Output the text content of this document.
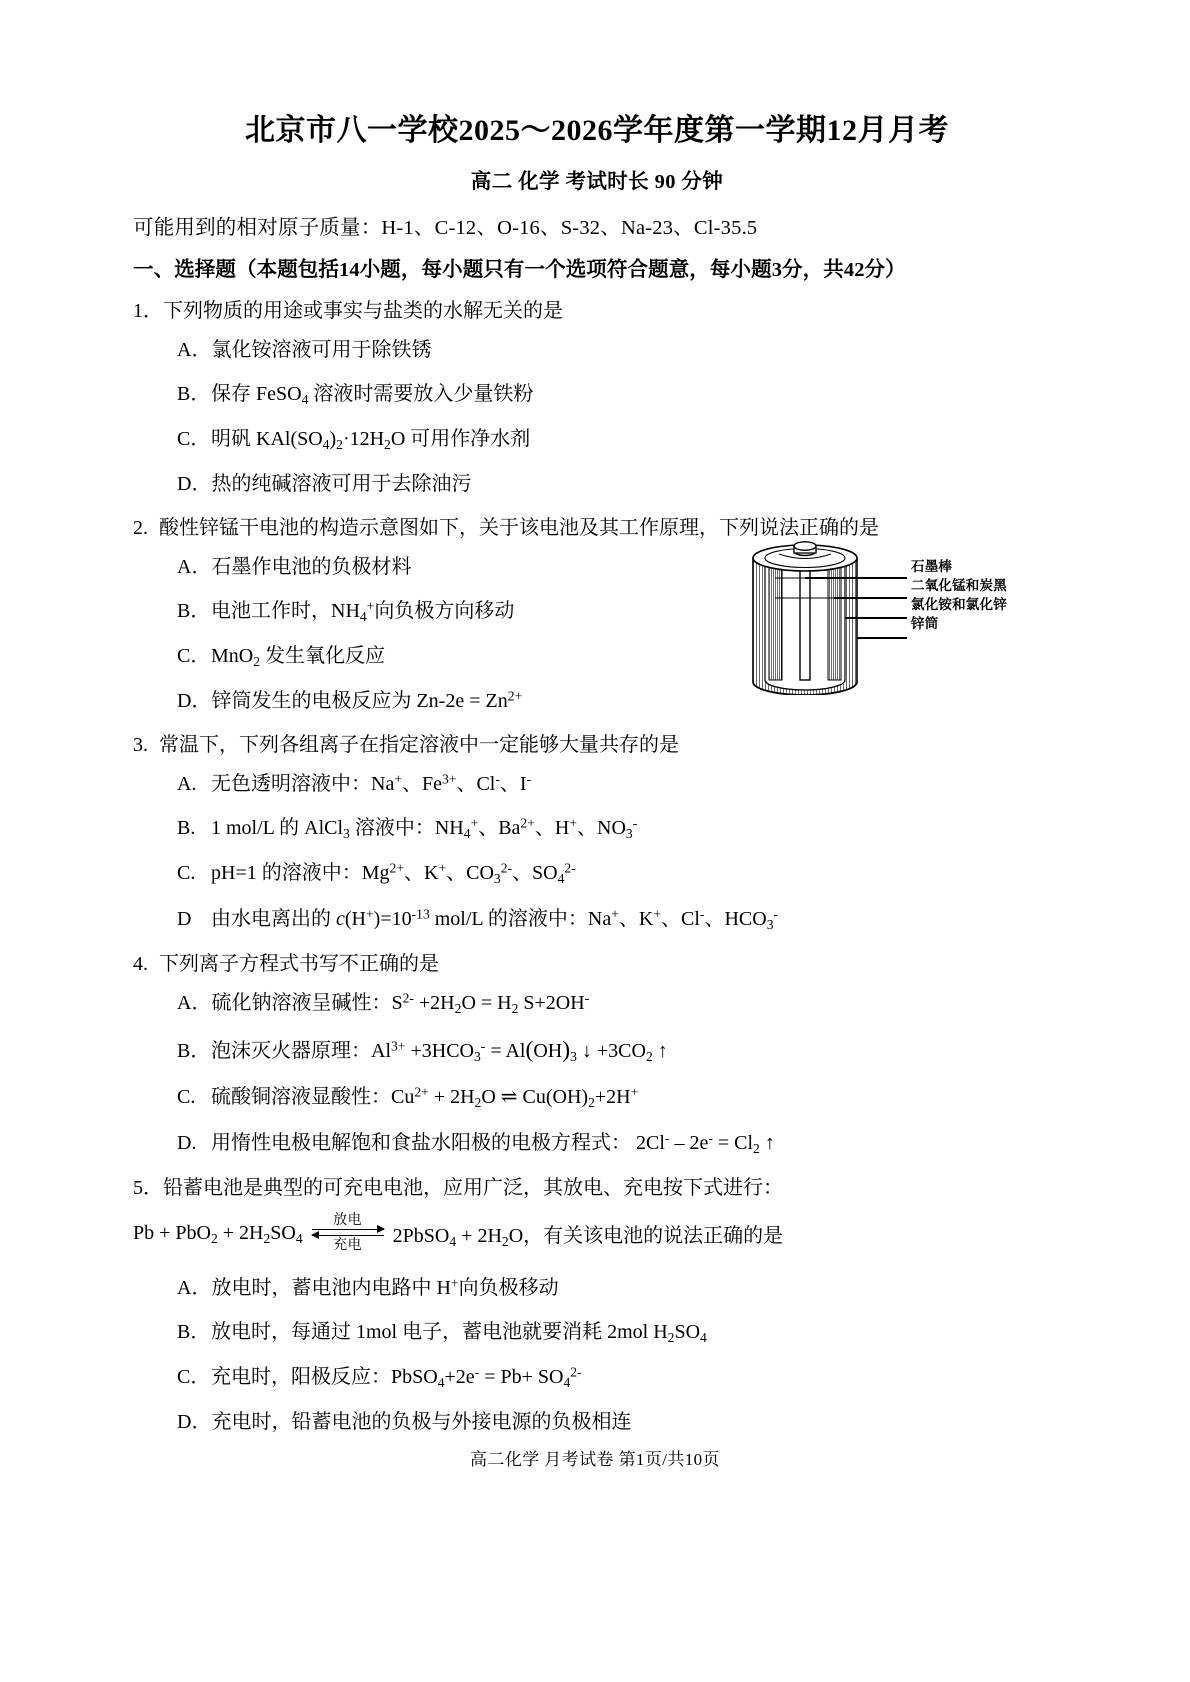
北京市八一学校2025～2026学年度第一学期12月月考
高二 化学 考试时长 90 分钟
可能用到的相对原子质量：H-1、C-12、O-16、S-32、Na-23、Cl-35.5
一、选择题（本题包括14小题，每小题只有一个选项符合题意，每小题3分，共42分）
1．下列物质的用途或事实与盐类的水解无关的是
A．氯化铵溶液可用于除铁锈
B．保存 FeSO$_4$ 溶液时需要放入少量铁粉
C．明矾 $KAl(SO_4)_2\cdot 12H_2O$ 可用作净水剂
D．热的纯碱溶液可用于去除油污
2. 酸性锌锰干电池的构造示意图如下，关于该电池及其工作原理，下列说法正确的是
A．石墨作电池的负极材料
B．电池工作时，$NH_4^+$向负极方向移动
C．MnO$_2$ 发生氧化反应
D．锌筒发生的电极反应为 $Zn-2e = Zn^{2+}$
3. 常温下，下列各组离子在指定溶液中一定能够大量共存的是
A. 无色透明溶液中：Na+、$Fe^{3+}$、Cl-、I-
B. 1 mol/L 的 AlCl$_3$ 溶液中：$NH_4^+$、$Ba^{2+}$、H+、$NO_3^-$
C. pH=1 的溶液中：$Mg^{2+}$、K+、$CO_3^{2-}$、$SO_4^{2-}$
D 由水电离出的 $c(H^+)=10^{-13}$ mol/L 的溶液中：Na+、K+、Cl-、$HCO_3^-$
4. 下列离子方程式书写不正确的是
A．硫化钠溶液呈碱性：$S^{2-} +2H_2O = H_2$ S+2OH-
B．泡沫灭火器原理：$Al^{3+} +3HCO_3^- = Al(OH)_3$ ↓ $+3CO_2$ ↑
C. 硫酸铜溶液显酸性：$Cu^{2+} + 2H_2O$ ⇌ $Cu(OH)_2+2H^+$
D. 用惰性电极电解饱和食盐水阳极的电极方程式： $2Cl^- - 2e^- = Cl_2$ ↑
5．铅蓄电池是典型的可充电电池，应用广泛，其放电、充电按下式进行：
$Pb + PbO_2 + 2H_2SO_4$
放电
充电 2PbSO$_4$ + $2H_2O$，有关该电池的说法正确的是
A．放电时，蓄电池内电路中 H+向负极移动
B．放电时，每通过 1mol 电子，蓄电池就要消耗 2mol $H_2SO_4$
C．充电时，阳极反应：PbSO$_4$+2e- = $Pb+ SO_4^{2-}$
D．充电时，铅蓄电池的负极与外接电源的负极相连
石墨棒
二氧化锰和炭黑
氯化铵和氯化锌
锌筒
高二化学 月考试卷 第1页/共10页
